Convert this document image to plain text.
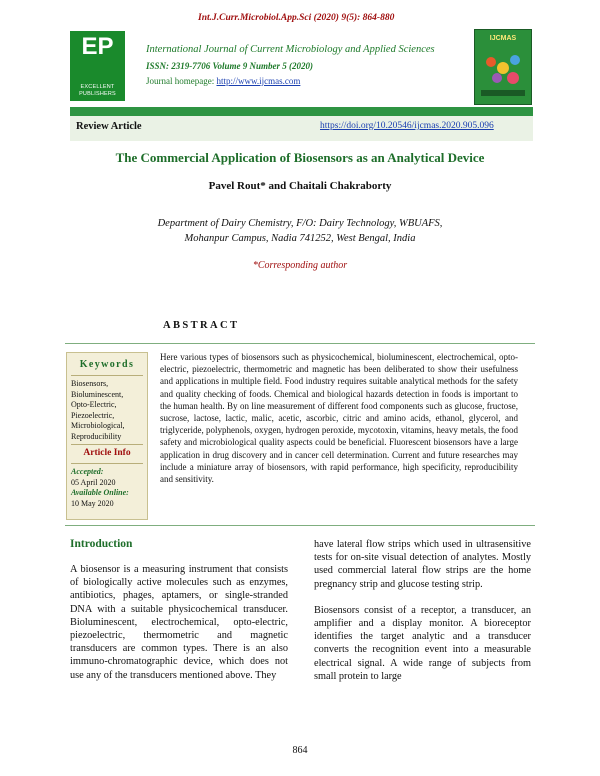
Int.J.Curr.Microbiol.App.Sci (2020) 9(5): 864-880
EP
EXCELLENT PUBLISHERS
International Journal of Current Microbiology and Applied Sciences
ISSN: 2319-7706 Volume 9 Number 5 (2020)
Journal homepage: http://www.ijcmas.com
IJCMAS
Review Article	https://doi.org/10.20546/ijcmas.2020.905.096
The Commercial Application of Biosensors as an Analytical Device
Pavel Rout* and Chaitali Chakraborty
Department of Dairy Chemistry, F/O: Dairy Technology, WBUAFS,
Mohanpur Campus, Nadia 741252, West Bengal, India
*Corresponding author
ABSTRACT
Keywords
Biosensors,
Bioluminescent,
Opto-Electric,
Piezoelectric,
Microbiological,
Reproducibility
Article Info
Accepted:
05 April 2020
Available Online:
10 May 2020
Here various types of biosensors such as physicochemical, bioluminescent, electrochemical, opto-electric, piezoelectric, thermometric and magnetic has been deliberated to show their usefulness and applications in multiple field. Food industry requires suitable analytical methods for the safety and quality checking of foods. Chemical and biological hazards detection in foods is important to the human health. By on line measurement of different food components such as glucose, fructose, sucrose, lactose, lactic, malic, acetic, ascorbic, citric and amino acids, ethanol, glycerol, and triglyceride, polyphenols, oxygen, hydrogen peroxide, mycotoxin, vitamins, heavy metals, the food safety and microbiological quality aspects could be beneficial. Fluorescent biosensors have a large application in drug discovery and in cancer cell determination. Current and future researches may include a miniature array of biosensors, with rapid performance, high specificity, reproducibility and sensitivity.
Introduction

A biosensor is a measuring instrument that consists of biologically active molecules such as enzymes, antibiotics, phages, aptamers, or single-stranded DNA with a suitable physicochemical transducer. Bioluminescent, electrochemical, opto-electric, piezoelectric, thermometric and magnetic transducers are common types. There is an also immuno-chromatographic device, which does not use any of the transducers mentioned above. They

have lateral flow strips which used in ultrasensitive tests for on-site visual detection of analytes. Mostly used commercial lateral flow strips are the home pregnancy strip and glucose testing strip.

Biosensors consist of a receptor, a transducer, an amplifier and a display monitor. A bioreceptor identifies the target analytic and a transducer converts the recognition event into a measurable electrical signal. A wide range of subjects from small protein to large

864
